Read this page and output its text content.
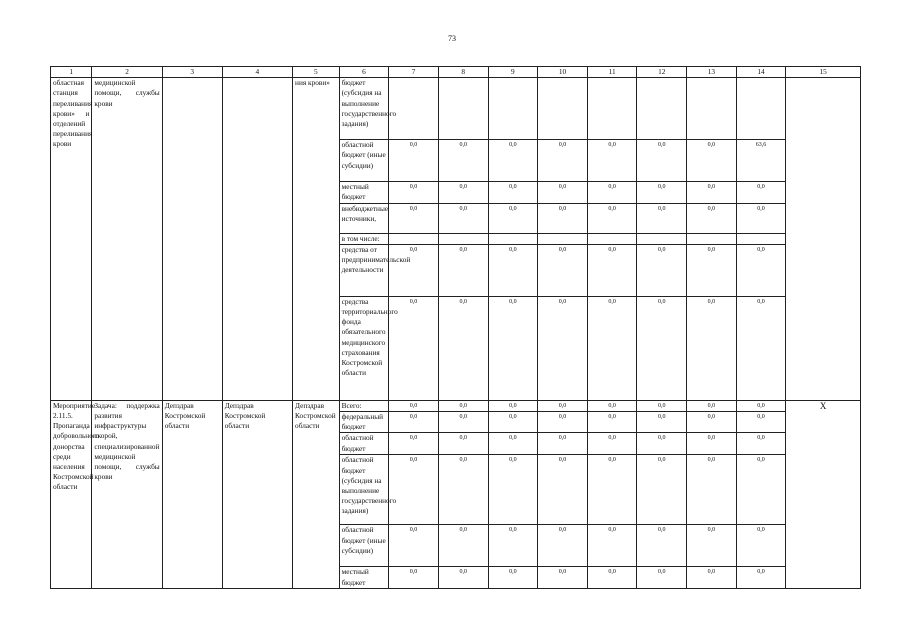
73
1	2	3	4	5	6	7	8	9	10	11	12	13	14	15
областная станция переливания крови» и отделений переливания крови	медицинской помощи, службы крови			ния крови»	бюджет (субсидия на выполнение государственного задания)									
					областной бюджет (иные субсидии)	0,0	0,0	0,0	0,0	0,0	0,0	0,0	63,6	
					местный бюджет	0,0	0,0	0,0	0,0	0,0	0,0	0,0	0,0	
					внебюджетные источники,	0,0	0,0	0,0	0,0	0,0	0,0	0,0	0,0	
					в том числе:									
					средства от предпринимательской деятельности	0,0	0,0	0,0	0,0	0,0	0,0	0,0	0,0	
					средства территориального фонда обязательного медицинского страхования Костромской области	0,0	0,0	0,0	0,0	0,0	0,0	0,0	0,0	
Мероприятие 2.11.5. Пропаганда добровольного донорства среди населения Костромской области	Задача: поддержка развития инфраструктуры скорой, специализированной медицинской помощи, службы крови	Депздрав Костромской области	Депздрав Костромской области	Депздрав Костромской области	Всего:	0,0	0,0	0,0	0,0	0,0	0,0	0,0	0,0	X
					федеральный бюджет	0,0	0,0	0,0	0,0	0,0	0,0	0,0	0,0	
					областной бюджет	0,0	0,0	0,0	0,0	0,0	0,0	0,0	0,0	
					областной бюджет (субсидия на выполнение государственного задания)	0,0	0,0	0,0	0,0	0,0	0,0	0,0	0,0	
					областной бюджет (иные субсидии)	0,0	0,0	0,0	0,0	0,0	0,0	0,0	0,0	
					местный бюджет	0,0	0,0	0,0	0,0	0,0	0,0	0,0	0,0	
